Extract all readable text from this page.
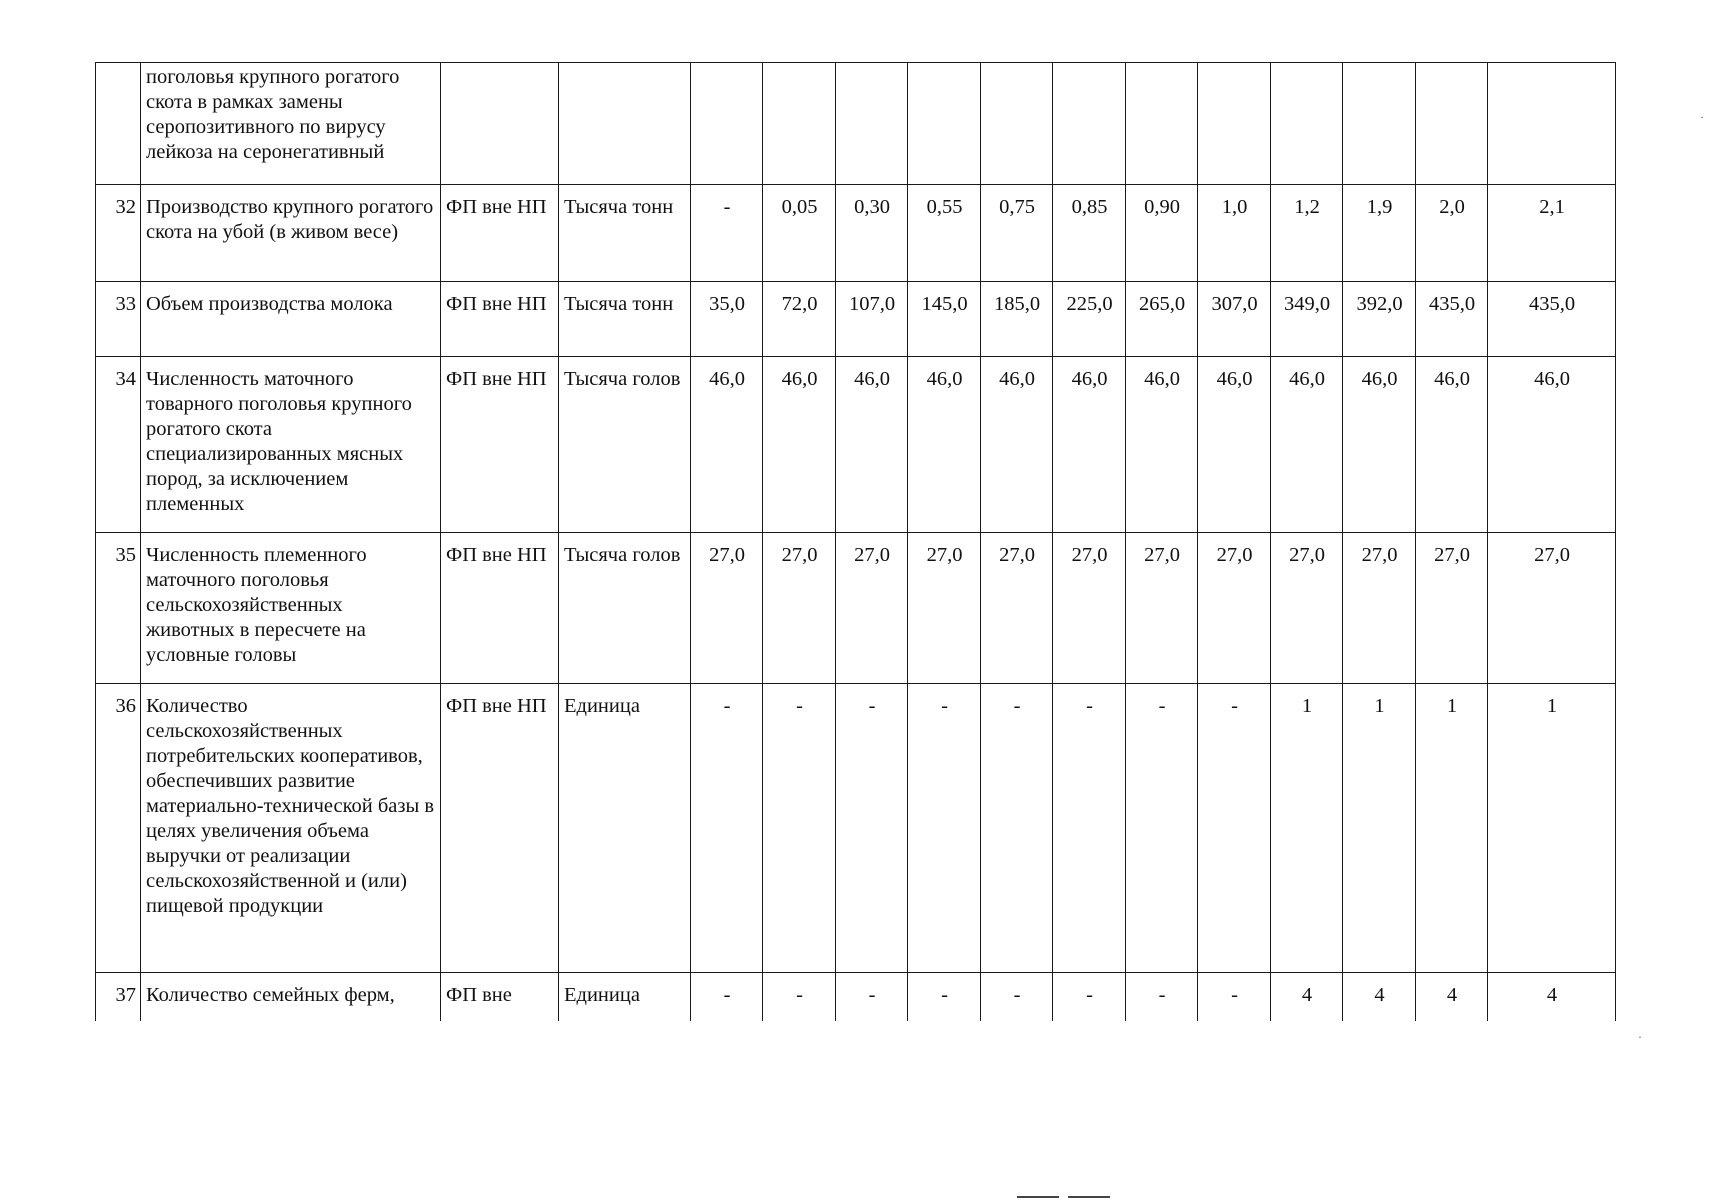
	поголовья крупного рогатого скота в рамках замены серопозитивного по вирусу лейкоза на серонегативный														
32	Производство крупного рогатого скота на убой (в живом весе)	ФП вне НП	Тысяча тонн	-	0,05	0,30	0,55	0,75	0,85	0,90	1,0	1,2	1,9	2,0	2,1
33	Объем производства молока	ФП вне НП	Тысяча тонн	35,0	72,0	107,0	145,0	185,0	225,0	265,0	307,0	349,0	392,0	435,0	435,0
34	Численность маточного товарного поголовья крупного рогатого скота специализированных мясных пород, за исключением племенных	ФП вне НП	Тысяча голов	46,0	46,0	46,0	46,0	46,0	46,0	46,0	46,0	46,0	46,0	46,0	46,0
35	Численность племенного маточного поголовья сельскохозяйственных животных в пересчете на условные головы	ФП вне НП	Тысяча голов	27,0	27,0	27,0	27,0	27,0	27,0	27,0	27,0	27,0	27,0	27,0	27,0
36	Количество сельскохозяйственных потребительских кооперативов, обеспечивших развитие материально-технической базы в целях увеличения объема выручки от реализации сельскохозяйственной и (или) пищевой продукции	ФП вне НП	Единица	-	-	-	-	-	-	-	-	1	1	1	1
37	Количество семейных ферм,	ФП вне	Единица	-	-	-	-	-	-	-	-	4	4	4	4
·
·
